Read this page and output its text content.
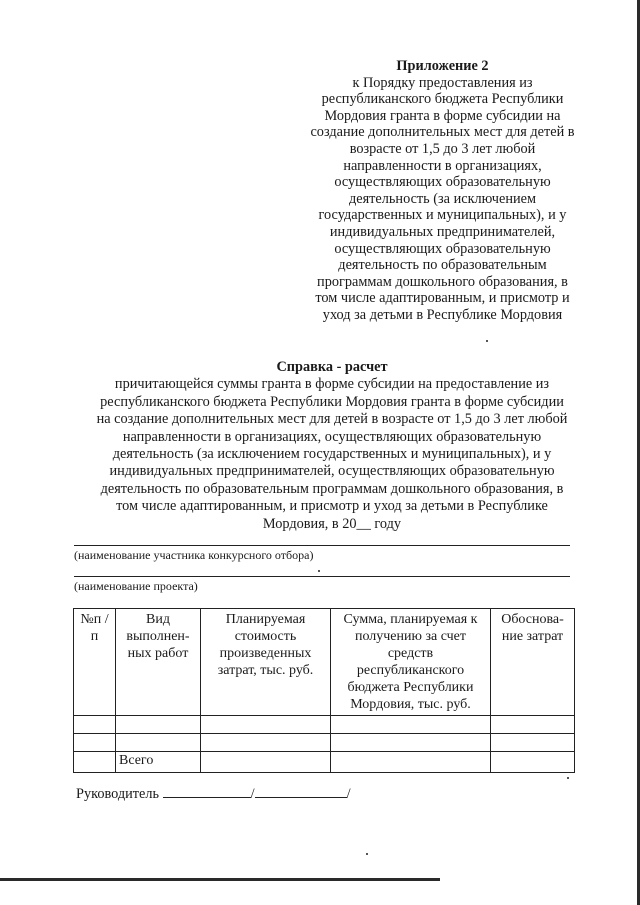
Приложение 2
к Порядку предоставления из
республиканского бюджета Республики
Мордовия гранта в форме субсидии на
создание дополнительных мест для детей в
возрасте от 1,5 до 3 лет любой
направленности в организациях,
осуществляющих образовательную
деятельность (за исключением
государственных и муниципальных), и у
индивидуальных предпринимателей,
осуществляющих образовательную
деятельность по образовательным
программам дошкольного образования, в
том числе адаптированным, и присмотр и
уход за детьми в Республике Мордовия
Справка - расчет
причитающейся суммы гранта в форме субсидии на предоставление из
республиканского бюджета Республики Мордовия гранта в форме субсидии
на создание дополнительных мест для детей в возрасте от 1,5 до 3 лет любой
направленности в организациях, осуществляющих образовательную
деятельность (за исключением государственных и муниципальных), и у
индивидуальных предпринимателей, осуществляющих образовательную
деятельность по образовательным программам дошкольного образования, в
том числе адаптированным, и присмотр и уход за детьми в Республике
Мордовия, в 20__ году
(наименование участника конкурсного отбора)
(наименование проекта)
№п /п	Вид выполнен- ных работ	Планируемая стоимость произведенных затрат, тыс. руб.	Сумма, планируемая к получению за счет средств республиканского бюджета Республики Мордовия, тыс. руб.	Обоснова- ние затрат

	Всего			
Руководитель	/	/
